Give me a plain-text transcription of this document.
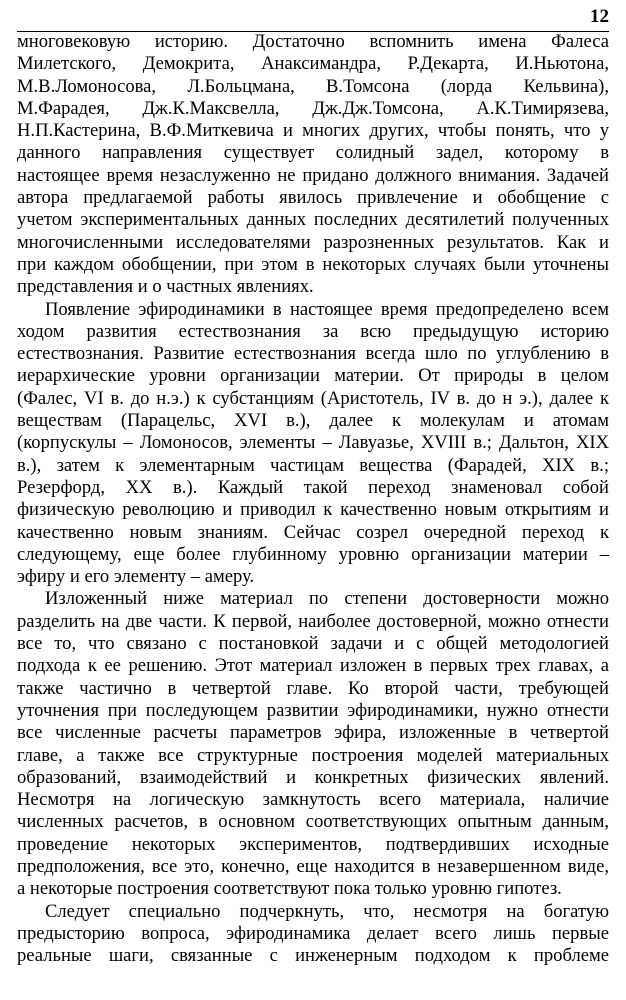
12

многовековую историю. Достаточно вспомнить имена Фалеса
Милетского, Демокрита, Анаксимандра, Р.Декарта, И.Ньютона,
М.В.Ломоносова, Л.Больцмана, В.Томсона (лорда Кельвина),
М.Фарадея, Дж.К.Максвелла, Дж.Дж.Томсона, А.К.Тимирязева,
Н.П.Кастерина, В.Ф.Миткевича и многих других, чтобы понять, что у
данного направления существует солидный задел, которому в
настоящее время незаслуженно не придано должного внимания. Задачей
автора предлагаемой работы явилось привлечение и обобщение с
учетом экспериментальных данных последних десятилетий полученных
многочисленными исследователями разрозненных результатов. Как и
при каждом обобщении, при этом в некоторых случаях были уточнены
представления и о частных явлениях.

Появление эфиродинамики в настоящее время предопределено всем
ходом развития естествознания за всю предыдущую историю
естествознания. Развитие естествознания всегда шло по углублению в
иерархические уровни организации материи. От природы в целом
(Фалес, VI в. до н.э.) к субстанциям (Аристотель, IV в. до н э.), далее к
веществам (Парацельс, XVI в.), далее к молекулам и атомам
(корпускулы – Ломоносов, элементы – Лавуазье, XVIII в.; Дальтон, XIX
в.), затем к элементарным частицам вещества (Фарадей, XIX в.;
Резерфорд, XX в.). Каждый такой переход знаменовал собой
физическую революцию и приводил к качественно новым открытиям и
качественно новым знаниям. Сейчас созрел очередной переход к
следующему, еще более глубинному уровню организации материи –
эфиру и его элементу – амеру.

Изложенный ниже материал по степени достоверности можно
разделить на две части. К первой, наиболее достоверной, можно отнести
все то, что связано с постановкой задачи и с общей методологией
подхода к ее решению. Этот материал изложен в первых трех главах, а
также частично в четвертой главе. Ко второй части, требующей
уточнения при последующем развитии эфиродинамики, нужно отнести
все численные расчеты параметров эфира, изложенные в четвертой
главе, а также все структурные построения моделей материальных
образований, взаимодействий и конкретных физических явлений.
Несмотря на логическую замкнутость всего материала, наличие
численных расчетов, в основном соответствующих опытным данным,
проведение некоторых экспериментов, подтвердивших исходные
предположения, все это, конечно, еще находится в незавершенном виде,
а некоторые построения соответствуют пока только уровню гипотез.

Следует специально подчеркнуть, что, несмотря на богатую
предысторию вопроса, эфиродинамика делает всего лишь первые
реальные шаги, связанные с инженерным подходом к проблеме
